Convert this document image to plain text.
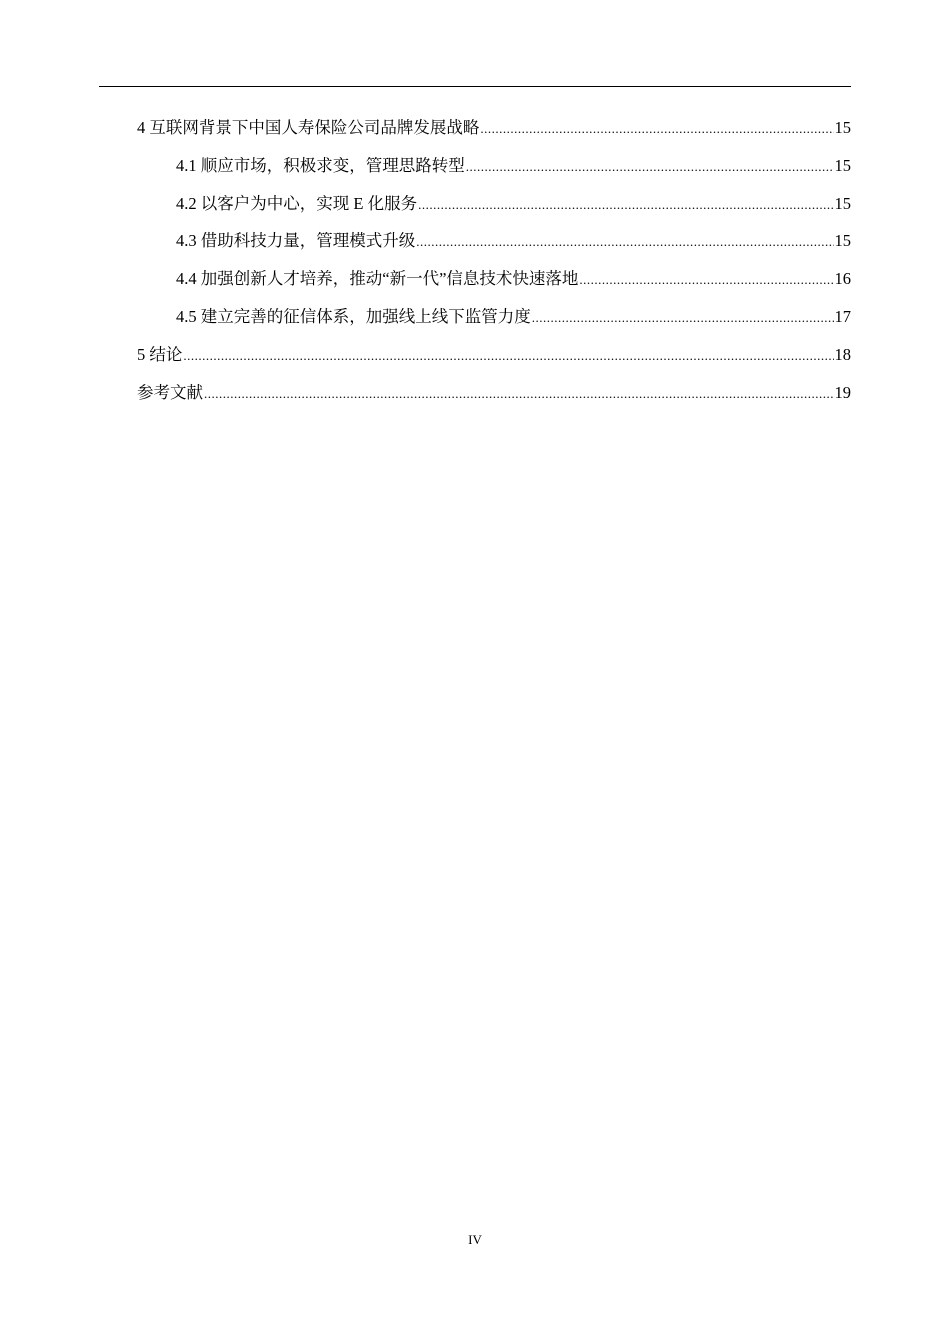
4 互联网背景下中国人寿保险公司品牌发展战略 .....	15
4.1 顺应市场，积极求变，管理思路转型 .....	15
4.2 以客户为中心，实现 E 化服务 .....	15
4.3 借助科技力量，管理模式升级 .....	15
4.4 加强创新人才培养，推动“新一代”信息技术快速落地 .....	16
4.5 建立完善的征信体系，加强线上线下监管力度 .....	17
5 结论 .....	18
参考文献 .....	19
IV
